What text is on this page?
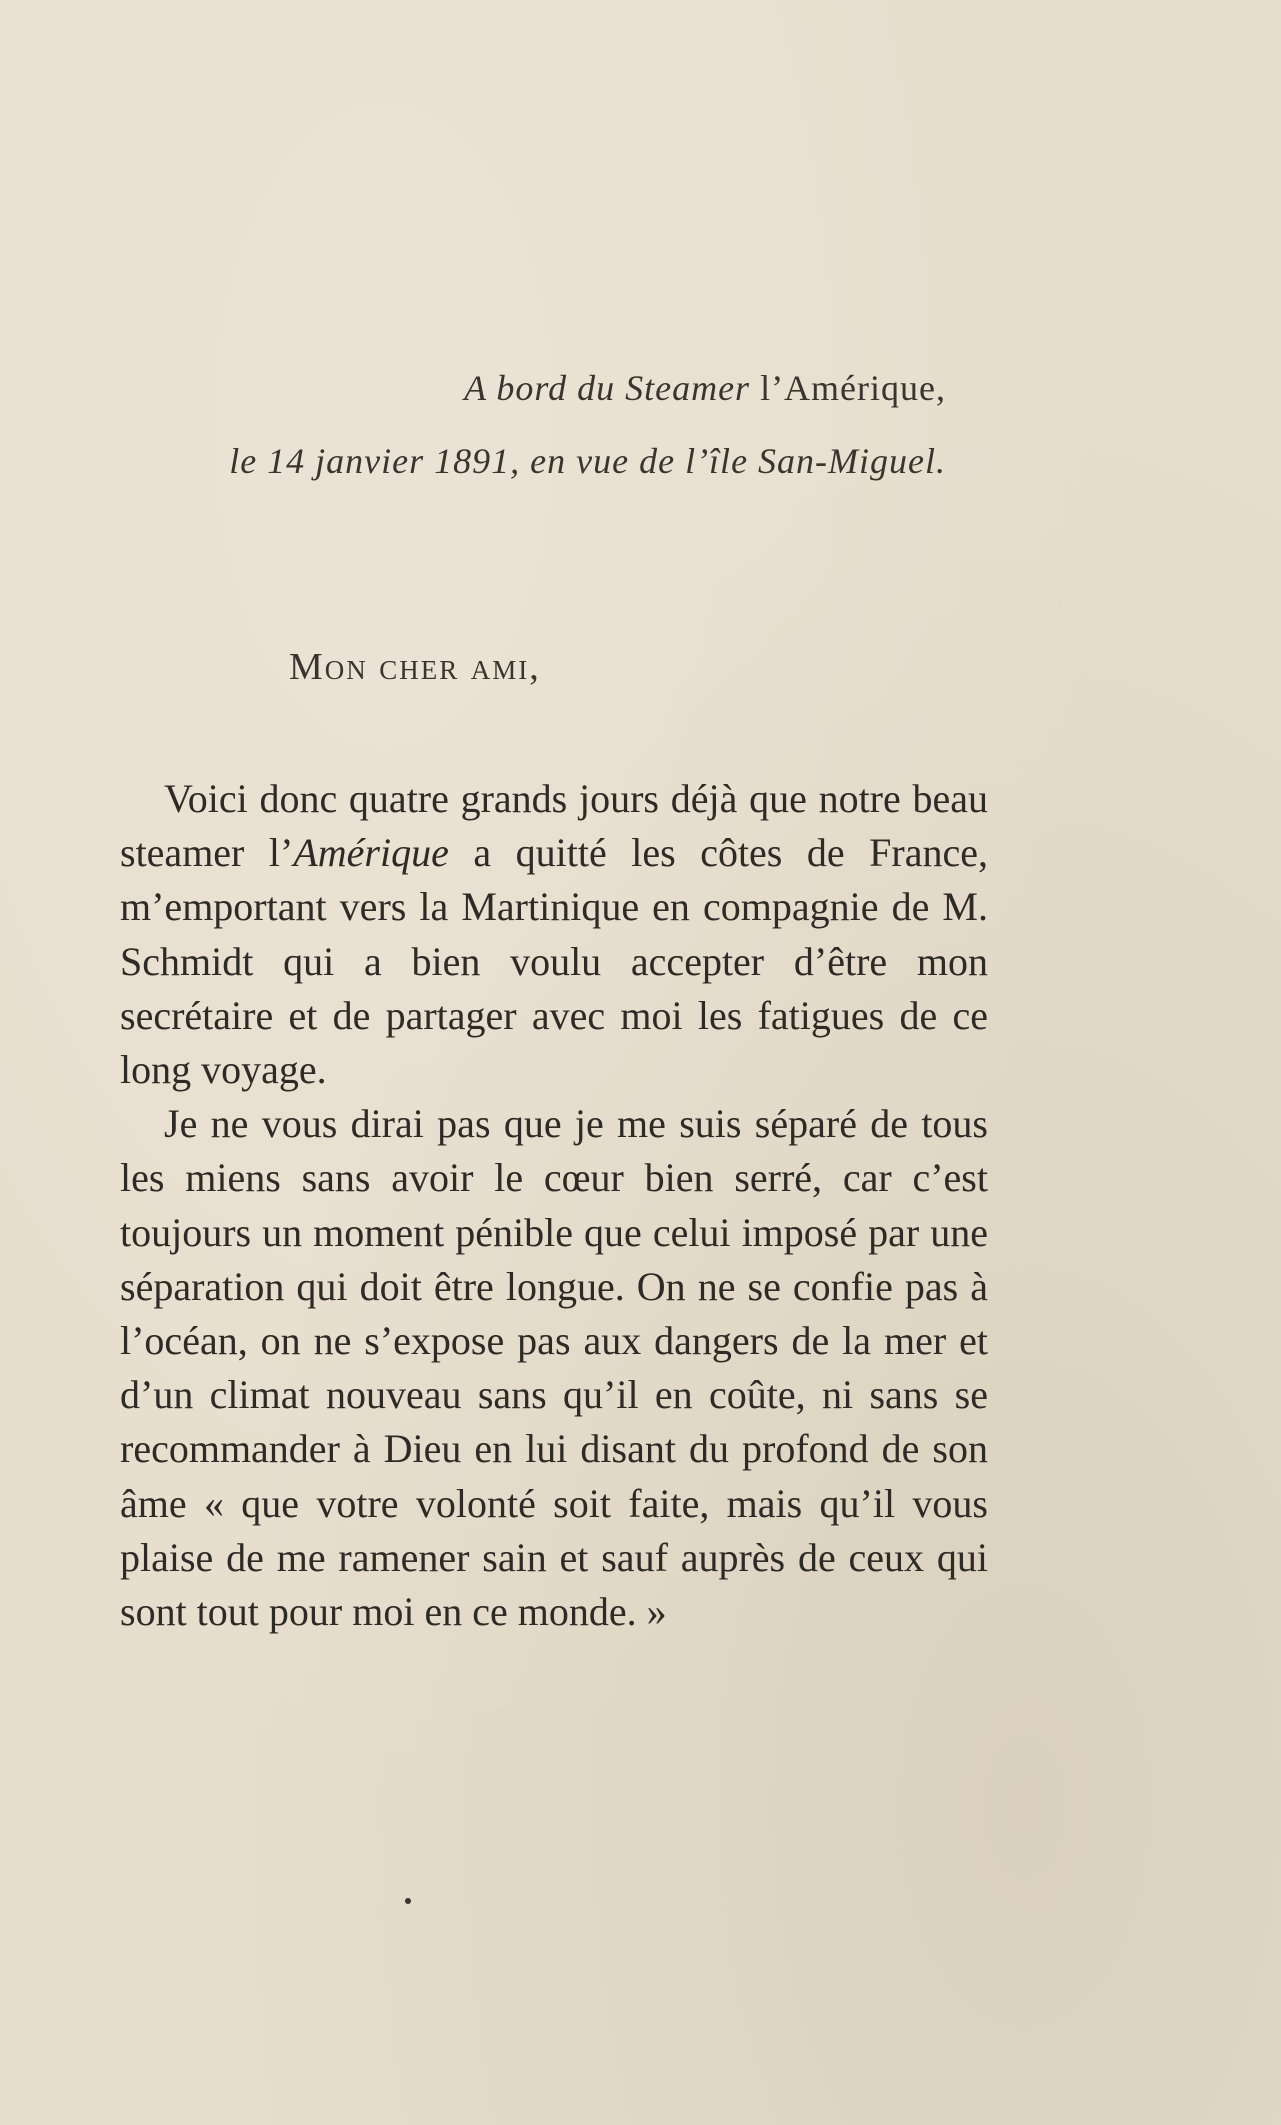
A bord du Steamer l’Amérique,
le 14 janvier 1891, en vue de l’île San-Miguel.
Mon cher ami,

Voici donc quatre grands jours déjà que notre beau steamer l’Amérique a quitté les côtes de France, m’emportant vers la Martinique en compagnie de M. Schmidt qui a bien voulu accepter d’être mon secrétaire et de partager avec moi les fatigues de ce long voyage.

Je ne vous dirai pas que je me suis séparé de tous les miens sans avoir le cœur bien serré, car c’est toujours un moment pénible que celui imposé par une séparation qui doit être longue. On ne se confie pas à l’océan, on ne s’expose pas aux dangers de la mer et d’un climat nouveau sans qu’il en coûte, ni sans se recommander à Dieu en lui disant du profond de son âme « que votre volonté soit faite, mais qu’il vous plaise de me ramener sain et sauf auprès de ceux qui sont tout pour moi en ce monde. »
